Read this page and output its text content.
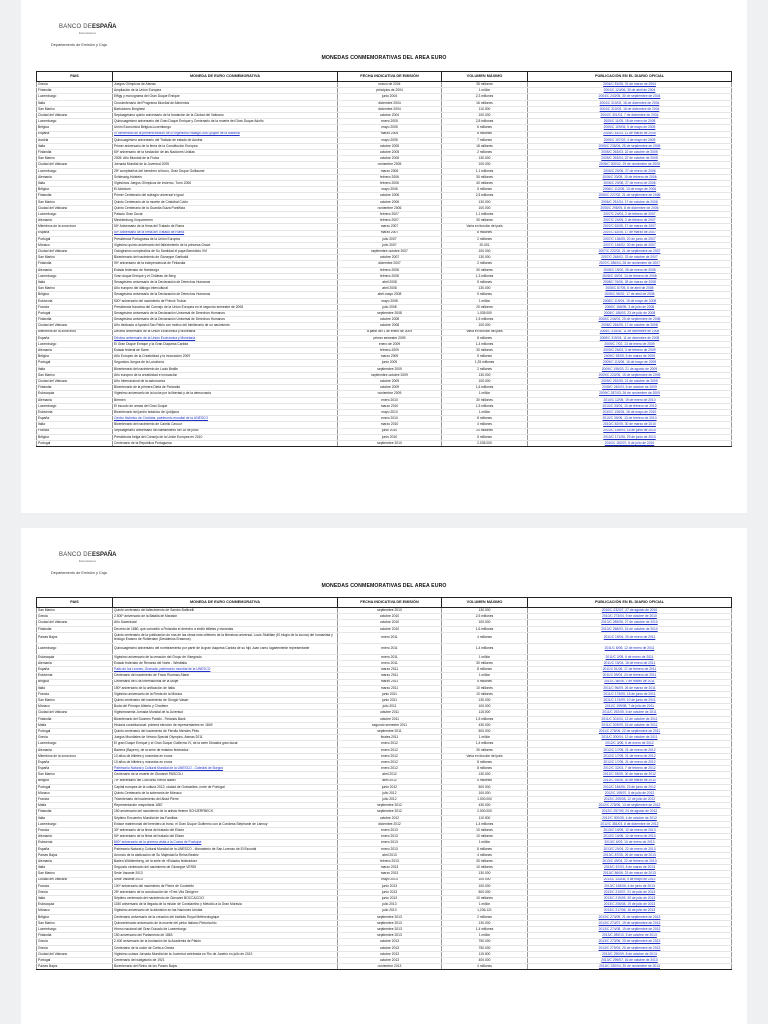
BANCO DEESPAÑA
Eurosistema
Departamento de Emisión y Caja
MONEDAS CONMEMORATIVAS DEL AREA EURO
PAIS	MONEDA DE EURO CONMEMORATIVA	FECHA INDICATIVA DE EMISIÓN	VOLUMEN MÁXIMO	PUBLICACIÓN EN EL DIARIO OFICIAL
Grecia	Juegos Olímpicos de Atenas	marzo de 2004	35 millones	2004/C 81/05, 31 de marzo de 2004
Finlandia	Ampliación de la Unión Europea	principios de 2004	1 millón	2004/C 124/06, 30 de abril de 2004
Luxemburgo	Effigy y monograma del Gran Duque Enrique	junio 2004	2,3 millones	2004/C 243/05, 30 de septiembre de 2004
Italia	Cincuentenario del Programa Mundial de Alimentos	diciembre 2004	16 millones	2004/C 310/02, 16 de diciembre de 2004
San Marino	Bartolomeo Borghesi	diciembre 2004	110.000	2004/C 310/03, 16 de diciembre de 2004
Ciudad del Vaticano	Septuagésimo quinto aniversario de la fundación de la Ciudad del Vaticano	octubre 2004	100.000	2004/C 301/03, 7 de diciembre de 2004
Luxemburgo	Quincuagésimo aniversario del Gran Duque Enrique y Centenario de la muerte del Gran Duque Adolfo	enero 2005	2,8 millones	2005/C 11/05, 18 de enero de 2005
Bélgica	Unión Económica Bélgica-Luxemburgo	mayo 2005	6 millones	2005/C 109/05, 5 de mayo de 2005
España	IV centenario de la primera edición de El Ingenioso Hidalgo Don Quijote de la Mancha	marzo 2005	8 millones	2005/C 61/03, 11 de marzo de 2005
Austria	Quincuagésimo aniversario del Tratado de estado de Austria	mayo 2005	7 millones	2005/C 107/02, 4 de mayo de 2005
Italia	Primer aniversario de la firma de la Constitución Europea	octubre 2005	18 millones	2005/C 236/04, 25 de septiembre de 2005
Finlandia	60º aniversario de la fundación de las Naciones Unidas	octubre 2005	2 millones	2005/C 263/03, 22 de octubre de 2005
San Marino	2005: Año Mundial de la Física	octubre 2005	130.000	2005/C 263/04, 22 de octubre de 2005
Ciudad del Vaticano	Jornada Mundial de la Juventud 2005	noviembre 2005	100.000	2005/C 300/02, 29 de noviembre de 2005
Luxemburgo	25º cumpleaños del heredero al trono, Gran Duque Guillaume	marzo 2006	1,1 millones	2006/C 20/06, 27 de enero de 2006
Alemania	Schleswig-Holstein	febrero 2006	30 millones	2006/C 33/05, 10 de febrero de 2006
Italia	Vigésimos Juegos Olímpicos de Invierno, Turín 2006	febrero 2006	40 millones	2006/C 20/06, 27 de enero de 2006
Bélgica	El Atomium	mayo 2006	5 millones	2006/C 112/05, 13 de mayo de 2006
Finlandia	Primer Centenario del sufragio universal e igual	octubre 2006	2,5 millones	2006/C 227/02, 21 de septiembre de 2006
San Marino	Quinto Centenario de la muerte de Cristóbal Colón	octubre 2006	130.000	2006/C 251/04, 17 de octubre de 2006
Ciudad del Vaticano	Quinto Centenario de la Guardia Suiza Pontificia	noviembre 2006	100.000	2006/C 298/05, 8 de diciembre de 2006
Luxemburgo	Palacio Gran Ducal	febrero 2007	1,1 millones	2007/C 24/04, 2 de febrero de 2007
Alemania	Mecklenburg-Vorpommern	febrero 2007	30 millones	2007/C 24/05, 2 de febrero de 2007
Miembros de la zona euro	50º Aniversario de la firma del Tratado de Roma	marzo 2007	Varía en función del país	2007/C 62/05, 17 de marzo de 2007
España	50º Aniversario de la firma del Tratado de Roma	marzo 2007	8 millones	2007/C 62/05, 17 de marzo de 2007
Portugal	Presidencia Portuguesa de la Unión Europea	julio 2007	2 millones	2007/C 136/05, 20 de junio de 2007
Mónaco	Vigésimo quinto aniversario del fallecimiento de la princesa Grace	julio 2007	20.001	2007/C 146/02, 30 de junio de 2007
Ciudad del Vaticano	Octogésimo cumpleaños de Su Santidad el papa Benedicto XVI	septiembre-octubre 2007	100.000	2007/C 222/02, 21 de septiembre de 2007
San Marino	Bicentenario del nacimiento de Giuseppe Garibaldi	octubre 2007	130.000	2007/C 248/02, 23 de octubre de 2007
Finlandia	90º aniversario de la independencia de Finlandia	diciembre 2007	2 millones	2007/C 286/04, 28 de noviembre de 2007
Alemania	Estado federado de Hamburgo	febrero 2008	30 millones	2008/C 19/02, 25 de enero de 2008
Luxemburgo	Gran duque Enrique y el Château de Berg	febrero 2008	1,3 millones	2008/C 40/04, 14 de febrero de 2008
Italia	Sexagésimo aniversario de la Declaración de Derechos Humanos	abril 2008	5 millones	2008/C 76/06, 28 de marzo de 2008
San Marino	Año europeo del diálogo Intercultural	abril 2008	130.000	2008/C 87/05, 8 de abril de 2008
Bélgica	Sexagésimo aniversario de la Declaración de Derechos Humanos	abril-mayo 2008	5 millones	2008/C 96/02, 17 de abril de 2008
Eslovenia	500º aniversario del nacimiento de Primož Trubar	mayo 2008	1 millón	2008/C 119/04, 15 de mayo de 2008
Francia	Presidencia francesa del Consejo de la Unión Europea en el segundo semestre de 2008	julio 2008	20 millones	2008/C 168/05, 3 de julio de 2008
Portugal	Sexagésimo aniversario de la Declaración Universal de Derechos Humanos	septiembre 2008	1.035.000	2008/C 188/03, 23 de julio de 2008
Finlandia	Sexagésimo aniversario de la Declaración Universal de Derechos Humanos	octubre 2008	1,5 millones	2008/C 246/04, 25 de septiembre de 2008
Ciudad del Vaticano	Año dedicado a Apóstol San Pablo con motivo del bimilenario de su nacimiento	octubre 2008	100.000	2008/C 264/05, 17 de octubre de 2008
Miembros de la zona euro	Décimo aniversario de la Unión Económica y Monetaria	a partir del 1 de enero de 2009	Varía en función del país	2008/C 315/04, 11 de diciembre de 2008
España	Décimo aniversario de la Unión Económica y Monetaria	primer semestre 2009	8 millones	2008/C 315/04, 11 de diciembre de 2008
Luxemburgo	El Gran Duque Enrique y la Gran Duquesa Carlota	enero de 2009	1,4 millones	2009/C 7/02, 13 de enero de 2009
Alemania	Estado federal de Sarre	febrero 2009	30 millones	2009/C 26/02, 3 de febrero de 2009
Bélgica	Año Europeo de la Creatividad y la Innovación 2009	marzo 2009	5 millones	2009/C 53/05, 6 de marzo de 2009
Portugal	Segundos Juegos de la Lusofonía	junio 2009	1,25 millones	2009/C 113/06, 16 de mayo de 2009
Italia	Bicentenario del nacimiento de Louis Braille	septiembre 2009	2 millones	2009/C 196/03, 21 de agosto de 2009
San Marino	Año europeo de la creatividad e innovación	septiembre-octubre 2009	130.000	2009/C 220/05, 15 de septiembre de 2009
Ciudad del Vaticano	Año Internacional de la astronomía	octubre 2009	100.000	2009/C 252/05, 21 de octubre de 2009
Finlandia	Bicentenario de la primera Dieta de Finlandia	octubre 2009	1,6 millones	2009/C 240/03, 6 de octubre de 2009
Eslovaquia	Vigésimo aniversario de la lucha por la libertad y de la democracia	noviembre 2009	1 millón	2009/C 287/03, 26 de noviembre de 2009
Alemania	Bremen	enero 2010	30 millones	2010/C 12/05, 19 de enero de 2010
Luxemburgo	El escudo de armas del Gran Duque	marzo 2010	1,5 millones	2010/C 33/04, 10 de febrero de 2010
Eslovenia	Bicentenario del jardín botánico de Ljubljana	mayo 2010	1 millón	2010/C 135/04, 26 de mayo de 2010
España	Centro histórico de Córdoba, patrimonio mundial de la UNESCO	enero 2010	8 millones	2010/C 35/06, 13 de febrero de 2010
Italia	Bicentenario del nacimiento de Camilo Cavour	marzo 2010	4 millones	2010/C 82/05, 30 de marzo de 2010
Francia	Septuagésimo aniversario del llamamiento del 18 de junio	junio 2010	20 millones	2010/C 159/04, 18 de junio de 2010
Bélgica	Presidencia belga del Consejo de la Unión Europea en 2010	junio 2010	5 millones	2010/C 171/06, 29 de junio de 2010
Portugal	Centenario de la República Portuguesa	septiembre 2010	2.035.000	2010/C 182/07, 6 de julio de 2010
BANCO DEESPAÑA
Eurosistema
Departamento de Emisión y Caja
MONEDAS CONMEMORATIVAS DEL AREA EURO
PAIS	MONEDA DE EURO CONMEMORATIVA	FECHA INDICATIVA DE EMISIÓN	VOLUMEN MÁXIMO	PUBLICACIÓN EN EL DIARIO OFICIAL
San Marino	Quinto centenario del fallecimiento de Sandro Botticelli	septiembre 2010	130.000	2010/C 232/07, 27 de agosto de 2010
Grecia	2.500º aniversario de la Batalla de Maratón	octubre 2010	2,5 millones	2010/C 273/04, 9 de octubre de 2010
Ciudad del Vaticano	Año Sacerdotal	octubre 2010	100.000	2010/C 289/08, 27 de octubre de 2010
Finlandia	Decreto de 1860, que concedió a Finlandia el derecho a emitir billetes y monedas	octubre 2010	1,6 millones	2010/C 268/03, 15 de octubre de 2010
Países Bajos	Quinto centenario de la publicación de una de las obras más célebres de la literatura universal, Louis Stultitiae (El elogio de la locura) del humanista y teólogo Erasmo de Rotterdam (Desiderius Erasmus)	enero 2011	4 millones	2011/C 19/04, 20 de enero de 2011
Luxemburgo	Quincuagésimo aniversario del nombramiento por parte de la gran duquesa Carlota de su hijo Juan como lugarteniente representante	enero 2011	1,4 millones	2011/C 8/06, 12 de enero de 2011
Eslovaquia	Vigésimo aniversario de la creación del Grupo de Visegrado	enero 2011	1 millón	2011/C 2/05, 6 de enero de 2011
Alemania	Estado federado de Renania del Norte - Westfalia	enero 2011	30 millones	2011/C 15/04, 18 de enero de 2011
España	Patio de los Leones, Granada, patrimonio mundial de la UNESCO	marzo 2011	8 millones	2011/C 51/06, 17 de febrero de 2011
Eslovenia	Centenario del nacimiento de Franc Rozman-Stane	marzo 2011	1 millón	2011/C 59/04, 24 de febrero de 2011
Bélgica	Centenario del Día Internacional de la Mujer	marzo 2011	5 millones	2011/C 66/06, 2 de marzo de 2011
Italia	150º aniversario de la unificación de Italia	marzo 2011	10 millones	2011/C 96/09, 26 de marzo de 2011
Francia	Vigésimo aniversario de la Fiesta de la Música	junio 2011	10 millones	2011/C 175/05, 15 de junio de 2011
San Marino	Quinto centenario del nacimiento de Giorgio Vasari	junio 2011	130.000	2011/C 174/09, 10 de junio de 2011
Mónaco	Boda del Príncipe Alberto y Charlene	julio 2011	100.000	2011/C 199/08, 7 de julio de 2011
Ciudad del Vaticano	Vigésimosexta Jornada Mundial de la Juventud	octubre 2011	115.000	2011/C 292/05, 5 de octubre de 2011
Finlandia	Bicentenario del Suomen Pankki - Finlands Bank	octubre 2011	1,5 millones	2011/C 301/04, 13 de octubre de 2011
Malta	Historia constitucional: primera elección de representantes en 1849	segundo semestre 2011	430.000	2011/C 303/09, 15 de octubre de 2011
Portugal	Quinto centenario del nacimiento de Fernão Mendes Pinto	septiembre 2011	500.000	2011/C 278/06, 22 de septiembre de 2011
Grecia	Juegos Mundiales de Verano Special Olympics, Atenas 2011	finales 2011	1 millón	2011/C 300/04, 12 de octubre de 2011
Luxemburgo	El gran Duque Enrique y el Gran Duque Guillermo IV, de la serie Dinastía gran ducal	enero 2012	1,4 millones	2012/C 3/06, 6 de enero de 2012
Alemania	Baviera (Bayern), de la serie de estados federados	enero 2012	30 millones	2012/C 17/05, 21 de enero de 2012
Miembros de la zona euro	10 años de billetes y monedas en euros	enero 2012	Varía en función del país	2012/C 17/05, 21 de enero de 2012
España	10 años de billetes y monedas en euros	enero 2012	8 millones	2012/C 17/06, 21 de enero de 2012
España	Patrimonio Natural y Cultural Mundial de la UNESCO - Catedral de Burgos	enero 2012	8 millones	2012/C 32/03, 7 de febrero de 2012
San Marino	Centenario de la muerte de Giovanni PASCOLI	abril 2012	130.000	2012/C 93/05, 30 de marzo de 2012
Bélgica	75º aniversario del Concurso Reina Isabel	abril 2012	5 millones	2012/C 93/06, 30 de marzo de 2012
Portugal	Capital europea de la cultura 2012: ciudad de Guimarães, norte de Portugal	junio 2012	500.000	2012/C 184/06, 23 de junio de 2012
Mónaco	Quinto Centenario de la soberanía de Mónaco	julio 2012	100.000	2012/C 195/07, 5 de julio de 2012
Francia	Tricentenario del nacimiento del Abad Pierre	julio 2012	1.000.000	2012/C 205/08, 12 de julio de 2012
Malta	Representación mayoritaria 1887	septiembre 2012	430.000	2012/C 278/06, 14 de septiembre de 2012
Finlandia	150 aniversario del nacimiento de la artista Helene SCHJERFBECK	septiembre 2012	2.000.000	2012/C 257/09, 24 de agosto de 2012
Italia	Séptimo Encuentro Mundial de las Familias	octubre 2012	110.000	2012/C 300/05, 4 de octubre de 2012
Luxemburgo	Enlace matrimonial del heredero al trono, el Gran Duque Guillermo con la Condesa Stéphanie de Lannoy	diciembre 2012	1,4 millones	2012/C 381/03, 8 de diciembre de 2012
Francia	30º aniversario de la firma del tratado del Elíseo	enero 2013	10 millones	2013/C 10/05, 12 de enero de 2013
Alemania	50º aniversario de la firma del tratado del Elíseo	enero 2013	10 millones	2013/C 10/06, 12 de enero de 2013
Eslovenia	800º aniversario de la primera visita a la Cueva de Postojna	enero 2013	1 millón	2013/C 6/03, 10 de enero de 2013
España	Patrimonio Natural y Cultural Mundial de la UNESCO - Monasterio de San Lorenzo de El Escorial	enero 2013	8 millones	2013/C 20/04, 22 de enero de 2013
Países Bajos	Anuncio de la abdicación de Su Majestad la Reina Beatriz	abril 2013	4 millones	2013/C 87/05, 26 de marzo de 2013
Alemania	Baden-Württemberg, de la serie de «Estados federados»	febrero 2013	30 millones	2013/C 49/04, 22 de febrero de 2013
Italia	Segundo centenario del nacimiento de Giuseppe VERDI	marzo 2013	10 millones	2013/C 67/03, 8 de marzo de 2013
San Marino	Sede Vacante 2013	marzo 2013	130.000	2013/C 86/06, 23 de marzo de 2013
Ciudad del Vaticano	Sede Vacante 2013	mayo 2013	100.000	2013/C 133/08, 9 de mayo de 2013
Francia	100º aniversario del nacimiento de Pierre de Coubertin	junio 2013	100.000	2013/C 163/06, 6 de junio de 2013
Grecia	25º aniversario de la construcción de «Tree-Vila Obrigen»	junio 2013	500.000	2013/C 210/07, 21 de julio de 2013
Italia	Séptimo centenario del nacimiento de Giovanni BOCCACCIO	junio 2013	10 millones	2013/C 219/09, 30 de julio de 2013
Eslovaquia	1150 aniversario de la llegada de la misión de Constantino y Metodio a la Gran Moravia	julio 2013	1 millón	2013/C 206/08, 19 de julio de 2013
Mónaco	Vigésimo aniversario de la admisión en las Naciones Unidas	julio 2013	1,236.121	2013/C 217/06, 16 de julio de 2013
Bélgica	Centenario aniversario de la creación del instituto Royal Météorologique	septiembre 2013	2 millones	2013/C 274/09, 21 de septiembre de 2013
San Marino	Quincentenario aniversario de la muerte del pintor italiano Pinturicchio	septiembre 2013	130.000	2013/C 274/07, 19 de septiembre de 2013
Luxemburgo	Himno nacional del Gran Ducado de Luxemburgo	septiembre 2013	1,4 millones	2013/C 274/08, 19 de septiembre de 2013
Finlandia	150 aniversario del Parlamento de 1863	septiembre 2013	1 millón	2013/C 289/10, 5 de octubre de 2013
Grecia	2.400 aniversario de la fundación de la Academia de Platón	octubre 2013	750.000	2013/C 273/06, 20 de septiembre de 2013
Grecia	Centenario de la unión de Creta a Grecia	octubre 2013	750.000	2013/C 279/04, 20 de septiembre de 2013
Ciudad del Vaticano	Vigésimo octava Jornada Mundial de la Juventud celebrada en Río de Janeiro en julio de 2013	octubre 2013	115.000	2013/C 290/09, 8 de octubre de 2013
Portugal	Centenario del natigatorio de 1921	octubre 2013	400.000	2013/C 299/07, 16 de octubre de 2013
Países Bajos	Bicentenario del Reino de los Países Bajos	noviembre 2013	4 millones	2013/C 330/04, 30 de noviembre de 2013
